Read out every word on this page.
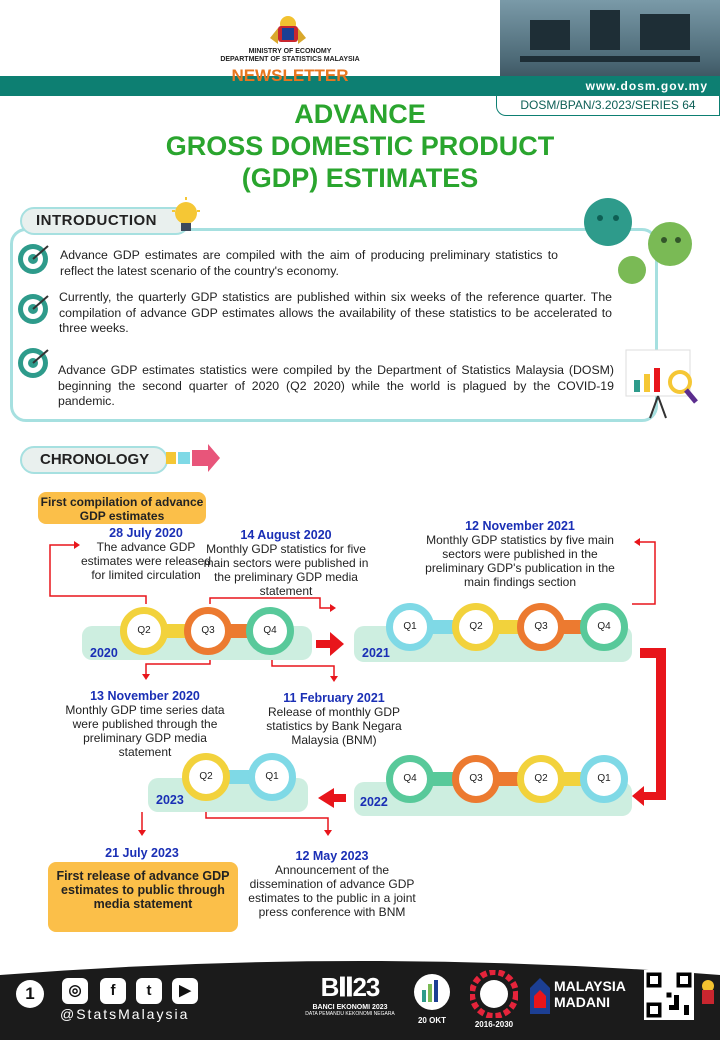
www.dosm.gov.my
MINISTRY OF ECONOMY
DEPARTMENT OF STATISTICS MALAYSIA
NEWSLETTER
DOSM/BPAN/3.2023/SERIES 64
ADVANCE
GROSS DOMESTIC PRODUCT
(GDP) ESTIMATES
INTRODUCTION
Advance GDP estimates are compiled with the aim of producing preliminary statistics to reflect the latest scenario of the country's economy.
Currently, the quarterly GDP statistics are published within six weeks of the reference quarter. The compilation of advance GDP estimates allows the availability of these statistics to be accelerated to three weeks.
Advance GDP estimates statistics were compiled by the Department of Statistics Malaysia (DOSM) beginning the second quarter of 2020 (Q2 2020) while the world is plagued by the COVID-19 pandemic.
CHRONOLOGY
First compilation of advance GDP estimates
28 July 2020
The advance GDP estimates were released for limited circulation
14 August 2020
Monthly GDP statistics for five main sectors were published in the preliminary GDP media statement
12 November 2021
Monthly GDP statistics by five main sectors were published in the preliminary GDP's publication in the main findings section
13 November 2020
Monthly GDP time series data were published through the preliminary GDP media statement
11 February 2021
Release of monthly GDP statistics by Bank Negara Malaysia (BNM)
21 July 2023
First release of advance GDP estimates to public through media statement
12 May 2023
Announcement of the dissemination of advance GDP estimates to the public in a joint press conference with BNM
Q2	Q3	Q4
2020
Q1	Q2	Q3	Q4
2021
Q4	Q3	Q2	Q1
2022
Q2	Q1
2023
1	◎	f	t	▶
@StatsMalaysia
B𝐈𝐈23
BANCI EKONOMI 2023
DATA PEMANDU KEKONOMI NEGARA
20 OKT	2016-2030
MALAYSIA
MADANI
